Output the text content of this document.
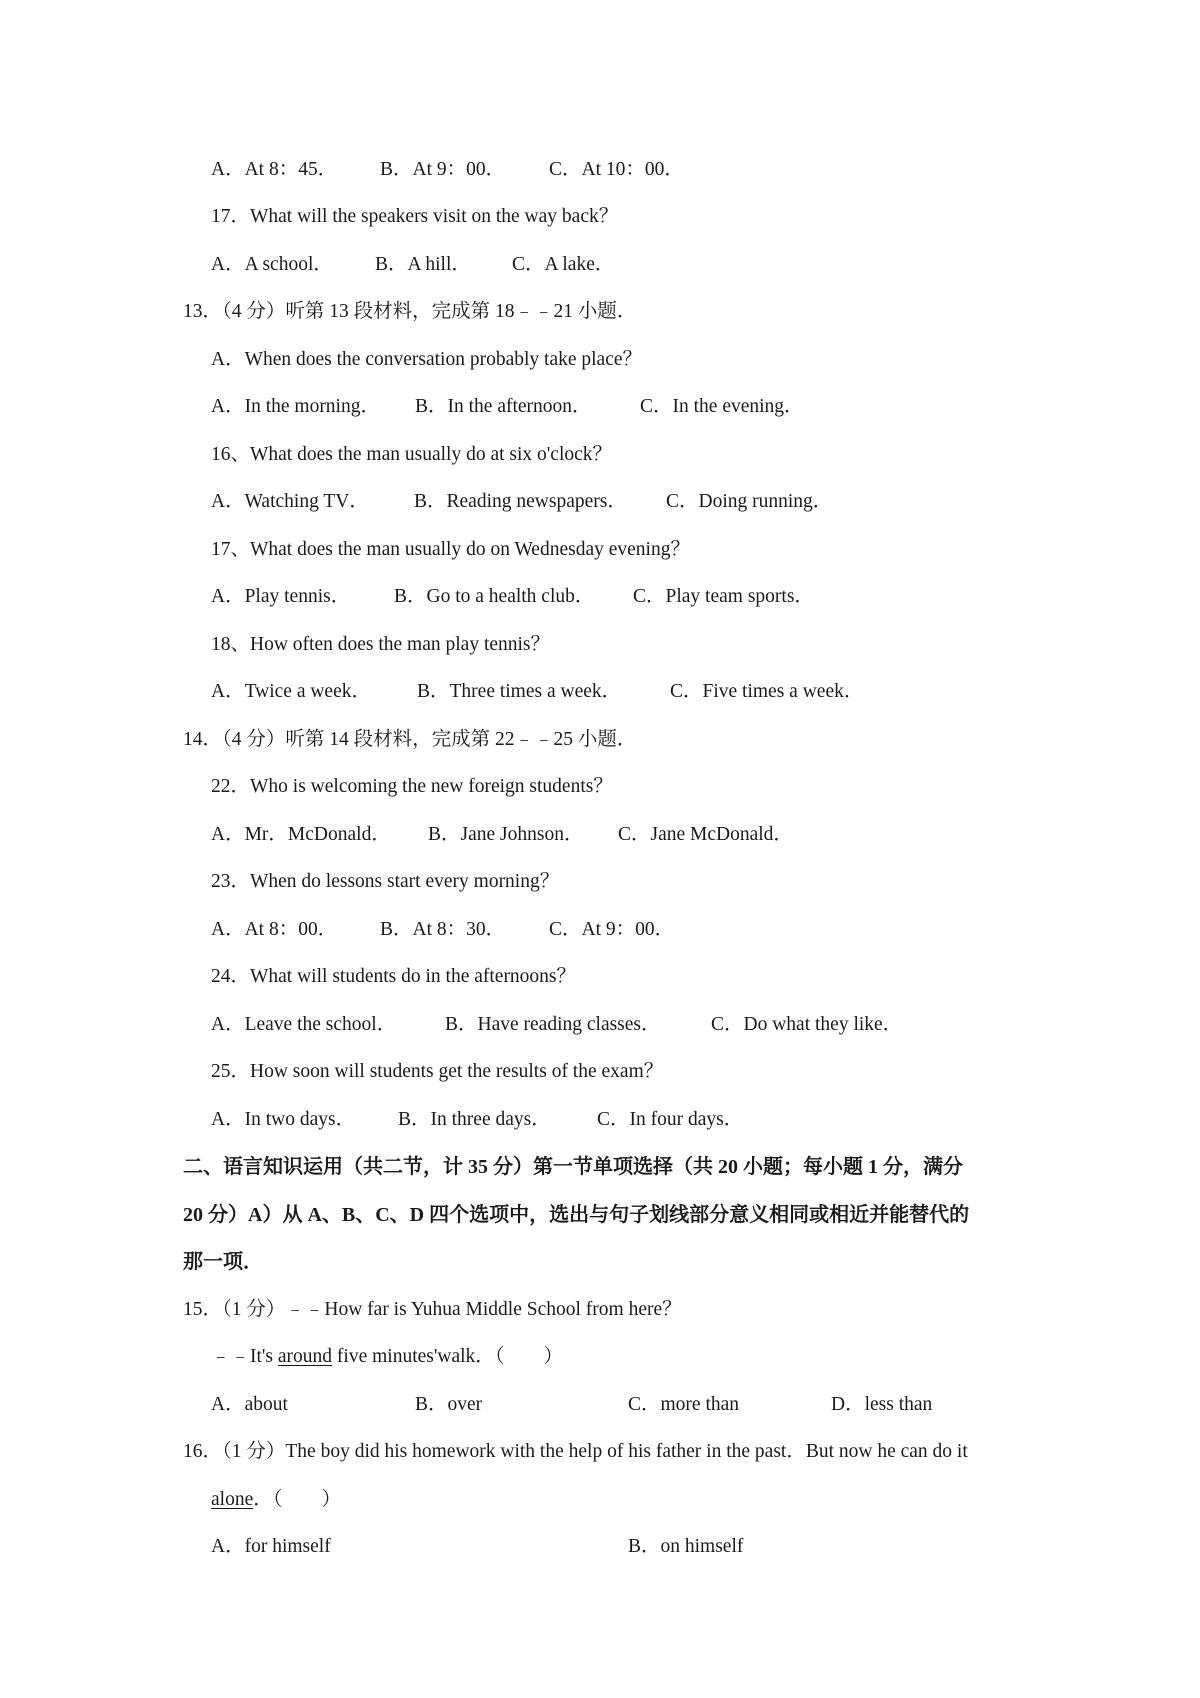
A．At 8：45． B．At 9：00． C．At 10：00．
17．What will the speakers visit on the way back？
A．A school． B．A hill． C．A lake．
13．（4 分）听第 13 段材料，完成第 18﹣﹣21 小题．
A．When does the conversation probably take place？
A．In the morning． B．In the afternoon． C．In the evening．
16、What does the man usually do at six o'clock？
A．Watching TV． B．Reading newspapers． C．Doing running．
17、What does the man usually do on Wednesday evening？
A．Play tennis． B．Go to a health club． C．Play team sports．
18、How often does the man play tennis？
A．Twice a week． B．Three times a week．	C．Five times a week．
14．（4 分）听第 14 段材料，完成第 22﹣﹣25 小题．
22．Who is welcoming the new foreign students？
A．Mr．McDonald． B．Jane Johnson． C．Jane McDonald．
23．When do lessons start every morning？
A．At 8：00． B．At 8：30． C．At 9：00．
24．What will students do in the afternoons？
A．Leave the school．	B．Have reading classes．	C．Do what they like．
25．How soon will students get the results of the exam？
A．In two days． B．In three days． C．In four days．
二、语言知识运用（共二节，计 35 分）第一节单项选择（共 20 小题；每小题 1 分，满分
20 分）A）从 A、B、C、D 四个选项中，选出与句子划线部分意义相同或相近并能替代的
那一项．
15．（1 分）﹣﹣How far is Yuhua Middle School from here？
﹣﹣It's around five minutes'walk．（　　）
A．about	B．over	C．more than	D．less than
16．（1 分）The boy did his homework with the help of his father in the past．But now he can do it
alone．（　　）
A．for himself	B．on himself
